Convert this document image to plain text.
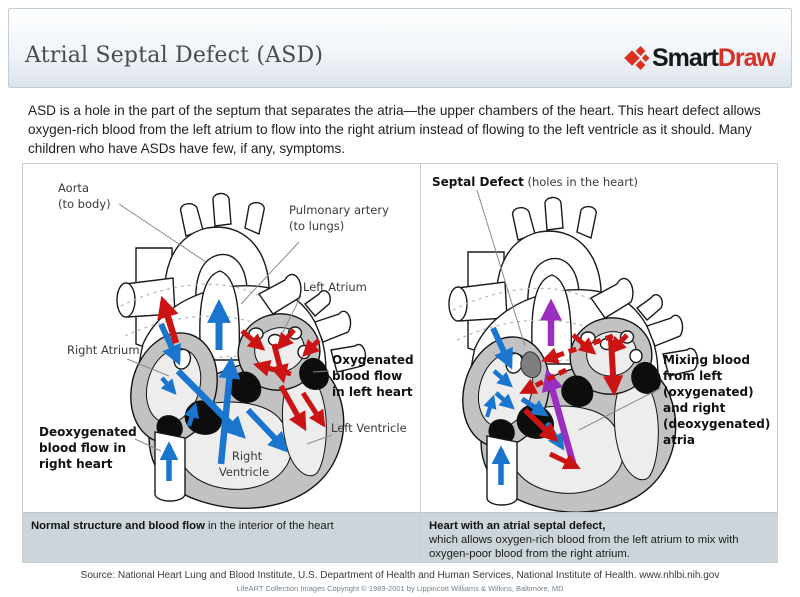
Atrial Septal Defect (ASD)	SmartDraw
ASD is a hole in the part of the septum that separates the atria—the upper chambers of the heart. This heart defect allows oxygen-rich blood from the left atrium to flow into the right atrium instead of flowing to the left ventricle as it should. Many children who have ASDs have few, if any, symptoms.
Aorta
(to body)	Pulmonary artery
(to lungs)
Left Atrium
Right Atrium
Oxygenated
blood flow
in left heart
Left Ventricle
Deoxygenated
blood flow in
right heart
Right
Ventricle
Normal structure and blood flow in the interior of the heart
Septal Defect (holes in the heart)
Mixing blood
from left
(oxygenated)
and right
(deoxygenated)
atria
Heart with an atrial septal defect,
which allows oxygen-rich blood from the left atrium to mix with
oxygen-poor blood from the right atrium.
Source: National Heart Lung and Blood Institute, U.S. Department of Health and Human Services, National Institute of Health. www.nhlbi.nih.gov
LifeART Collection Images Copyright © 1989-2001 by Lippincott Williams & Wilkins, Baltimore, MD
